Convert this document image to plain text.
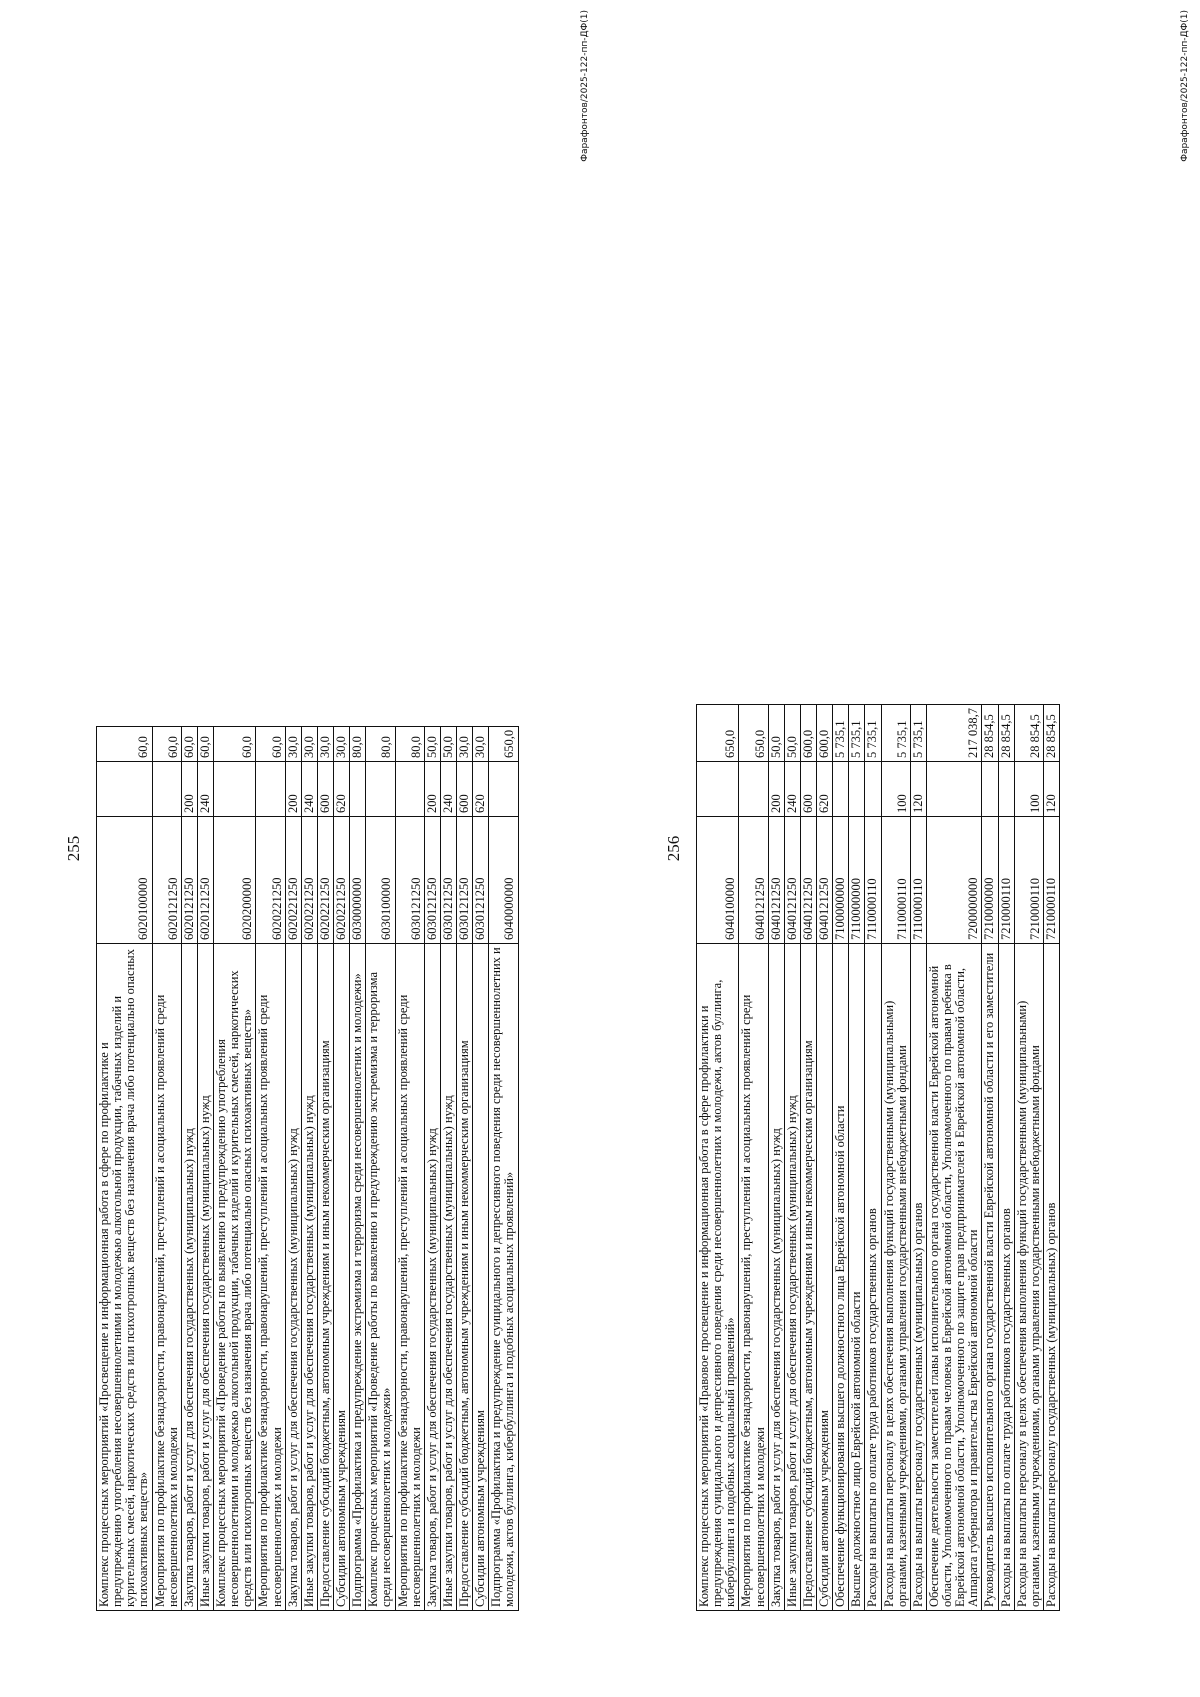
255
Комплекс процессных мероприятий «Просвещение и информационная работа в сфере по профилактике и предупреждению употребления несовершеннолетними и молодежью алкогольной продукции, табачных изделий и курительных смесей, наркотических средств или психотропных веществ без назначения врача либо потенциально опасных психоактивных веществ»	6020100000		60,0
Мероприятия по профилактике безнадзорности, правонарушений, преступлений и асоциальных проявлений среди несовершеннолетних и молодежи	6020121250		60,0
Закупка товаров, работ и услуг для обеспечения государственных (муниципальных) нужд	6020121250	200	60,0
Иные закупки товаров, работ и услуг для обеспечения государственных (муниципальных) нужд	6020121250	240	60,0
Комплекс процессных мероприятий «Проведение работы по выявлению и предупреждению употребления несовершеннолетними и молодежью алкогольной продукции, табачных изделий и курительных смесей, наркотических средств или психотропных веществ без назначения врача либо потенциально опасных психоактивных веществ»	6020200000		60,0
Мероприятия по профилактике безнадзорности, правонарушений, преступлений и асоциальных проявлений среди несовершеннолетних и молодежи	6020221250		60,0
Закупка товаров, работ и услуг для обеспечения государственных (муниципальных) нужд	6020221250	200	30,0
Иные закупки товаров, работ и услуг для обеспечения государственных (муниципальных) нужд	6020221250	240	30,0
Предоставление субсидий бюджетным, автономным учреждениям и иным некоммерческим организациям	6020221250	600	30,0
Субсидии автономным учреждениям	6020221250	620	30,0
Подпрограмма «Профилактика и предупреждение экстремизма и терроризма среди несовершеннолетних и молодежи»	6030000000		80,0
Комплекс процессных мероприятий «Проведение работы по выявлению и предупреждению экстремизма и терроризма среди несовершеннолетних и молодежи»	6030100000		80,0
Мероприятия по профилактике безнадзорности, правонарушений, преступлений и асоциальных проявлений среди несовершеннолетних и молодежи	6030121250		80,0
Закупка товаров, работ и услуг для обеспечения государственных (муниципальных) нужд	6030121250	200	50,0
Иные закупки товаров, работ и услуг для обеспечения государственных (муниципальных) нужд	6030121250	240	50,0
Предоставление субсидий бюджетным, автономным учреждениям и иным некоммерческим организациям	6030121250	600	30,0
Субсидии автономным учреждениям	6030121250	620	30,0
Подпрограмма «Профилактика и предупреждение суицидального и депрессивного поведения среди несовершеннолетних и молодежи, актов буллинга, кибербуллинга и подобных асоциальных проявлений»	6040000000		650,0
Фарафонтов/2025-122-пп-ДФ(1)
256
Комплекс процессных мероприятий «Правовое просвещение и информационная работа в сфере профилактики и предупреждения суицидального и депрессивного поведения среди несовершеннолетних и молодежи, актов буллинга, кибербуллинга и подобных асоциальный проявлений»	6040100000		650,0
Мероприятия по профилактике безнадзорности, правонарушений, преступлений и асоциальных проявлений среди несовершеннолетних и молодежи	6040121250		650,0
Закупка товаров, работ и услуг для обеспечения государственных (муниципальных) нужд	6040121250	200	50,0
Иные закупки товаров, работ и услуг для обеспечения государственных (муниципальных) нужд	6040121250	240	50,0
Предоставление субсидий бюджетным, автономным учреждениям и иным некоммерческим организациям	6040121250	600	600,0
Субсидии автономным учреждениям	6040121250	620	600,0
Обеспечение функционирования высшего должностного лица Еврейской автономной области	7100000000		5 735,1
Высшее должностное лицо Еврейской автономной области	7110000000		5 735,1
Расходы на выплаты по оплате труда работников государственных органов	7110000110		5 735,1
Расходы на выплаты персоналу в целях обеспечения выполнения функций государственными (муниципальными) органами, казенными учреждениями, органами управления государственными внебюджетными фондами	7110000110	100	5 735,1
Расходы на выплаты персоналу государственных (муниципальных) органов	7110000110	120	5 735,1
Обеспечение деятельности заместителей главы исполнительного органа государственной власти Еврейской автономной области, Уполномоченного по правам человека в Еврейской автономной области, Уполномоченного по правам ребенка в Еврейской автономной области, Уполномоченного по защите прав предпринимателей в Еврейской автономной области, Аппарата губернатора и правительства Еврейской автономной области	7200000000		217 038,7
Руководитель высшего исполнительного органа государственной власти Еврейской автономной области и его заместители	7210000000		28 854,5
Расходы на выплаты по оплате труда работников государственных органов	7210000110		28 854,5
Расходы на выплаты персоналу в целях обеспечения выполнения функций государственными (муниципальными) органами, казенными учреждениями, органами управления государственными внебюджетными фондами	7210000110	100	28 854,5
Расходы на выплаты персоналу государственных (муниципальных) органов	7210000110	120	28 854,5
Фарафонтов/2025-122-пп-ДФ(1)
